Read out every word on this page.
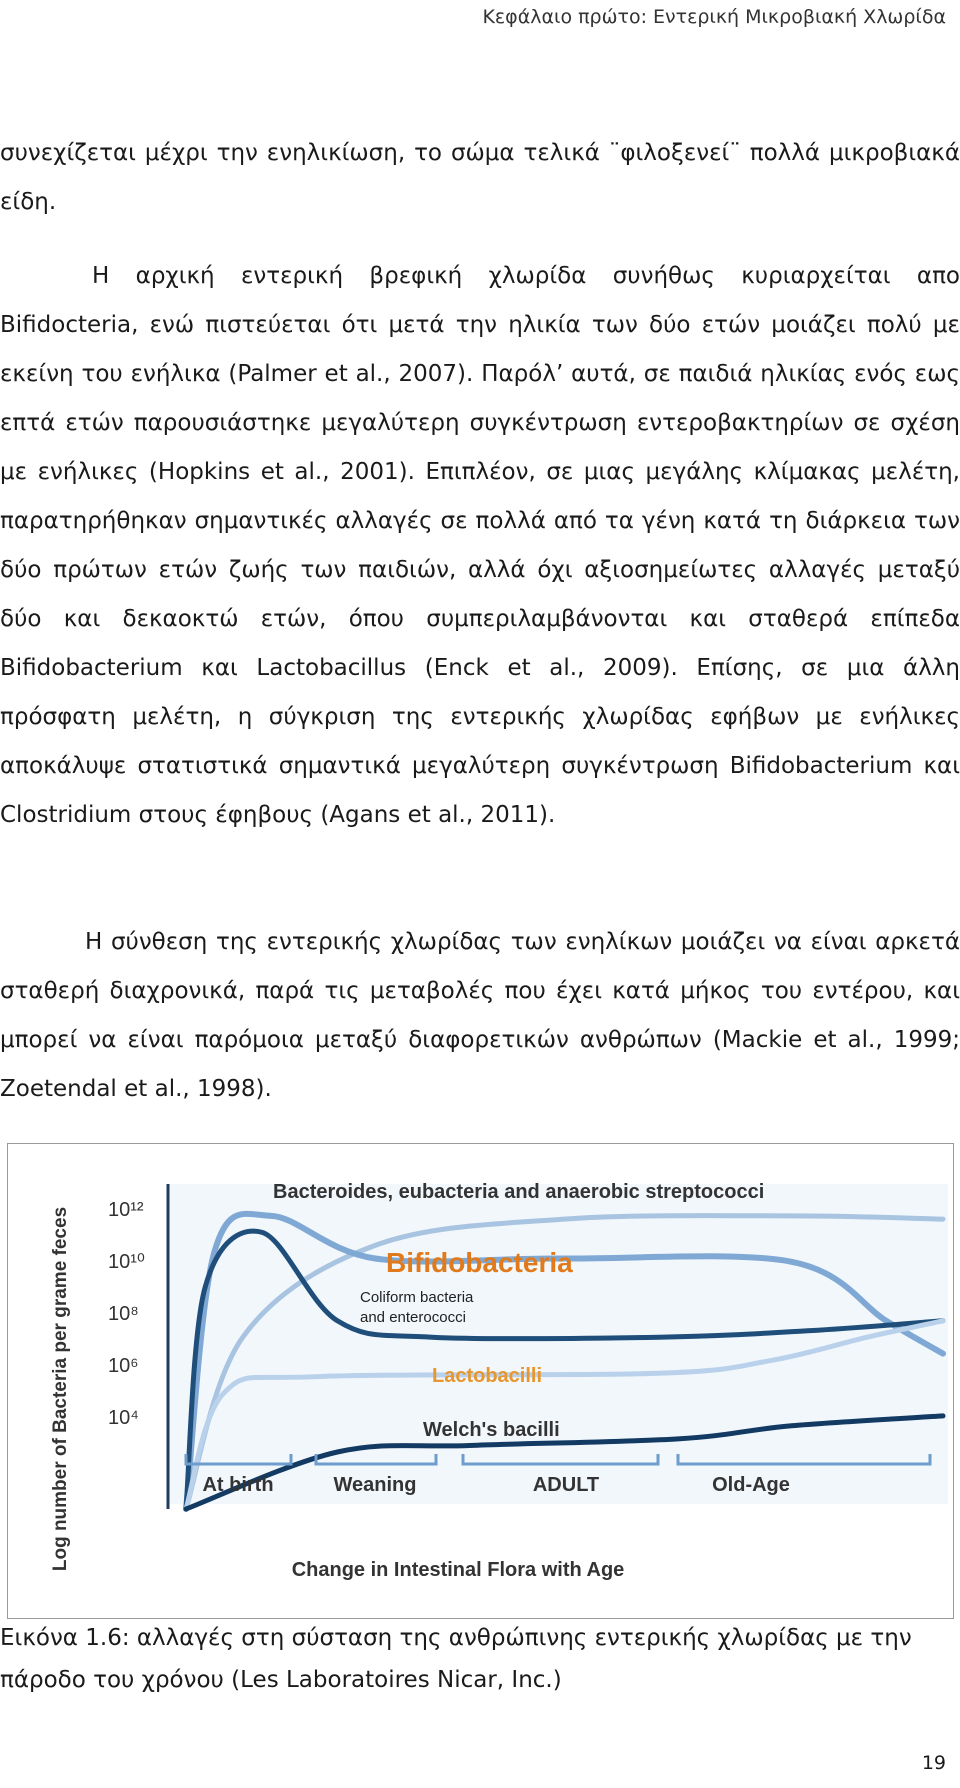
Κεφάλαιο πρώτο: Εντερική Μικροβιακή Χλωρίδα

συνεχίζεται μέχρι την ενηλικίωση, το σώμα τελικά ¨φιλοξενεί¨ πολλά μικροβιακά είδη.

Η αρχική εντερική βρεφική χλωρίδα συνήθως κυριαρχείται απο Bifidocteria, ενώ πιστεύεται ότι μετά την ηλικία των δύο ετών μοιάζει πολύ με εκείνη του ενήλικα (Palmer et al., 2007). Παρόλ’ αυτά, σε παιδιά ηλικίας ενός εως επτά ετών παρουσιάστηκε μεγαλύτερη συγκέντρωση εντεροβακτηρίων σε σχέση με ενήλικες (Hopkins et al., 2001). Επιπλέον, σε μιας μεγάλης κλίμακας μελέτη, παρατηρήθηκαν σημαντικές αλλαγές σε πολλά από τα γένη κατά τη διάρκεια των δύο πρώτων ετών ζωής των παιδιών, αλλά όχι αξιοσημείωτες αλλαγές μεταξύ δύο και δεκαοκτώ ετών, όπου συμπεριλαμβάνονται και σταθερά επίπεδα Bifidobacterium και Lactobacillus (Enck et al., 2009). Επίσης, σε μια άλλη πρόσφατη μελέτη, η σύγκριση της εντερικής χλωρίδας εφήβων με ενήλικες αποκάλυψε στατιστικά σημαντικά μεγαλύτερη συγκέντρωση Bifidobacterium και Clostridium στους έφηβους (Agans et al., 2011).

Η σύνθεση της εντερικής χλωρίδας των ενηλίκων μοιάζει να είναι αρκετά σταθερή διαχρονικά, παρά τις μεταβολές που έχει κατά μήκος του εντέρου, και μπορεί να είναι παρόμοια μεταξύ διαφορετικών ανθρώπων (Mackie et al., 1999; Zoetendal et al., 1998).

Log number of Bacteria per grame feces 10¹²
10¹⁰
10⁸
10⁶
10⁴
Bacteroides, eubacteria and anaerobic streptococci
Bifidobacteria
Coliform bacteria
and enterococci
Lactobacilli
Welch's bacilli
At birth	Weaning	ADULT	Old-Age
Change in Intestinal Flora with Age

Εικόνα 1.6: αλλαγές στη σύσταση της ανθρώπινης εντερικής χλωρίδας με την πάροδο του χρόνου (Les Laboratoires Nicar, Inc.)

19
